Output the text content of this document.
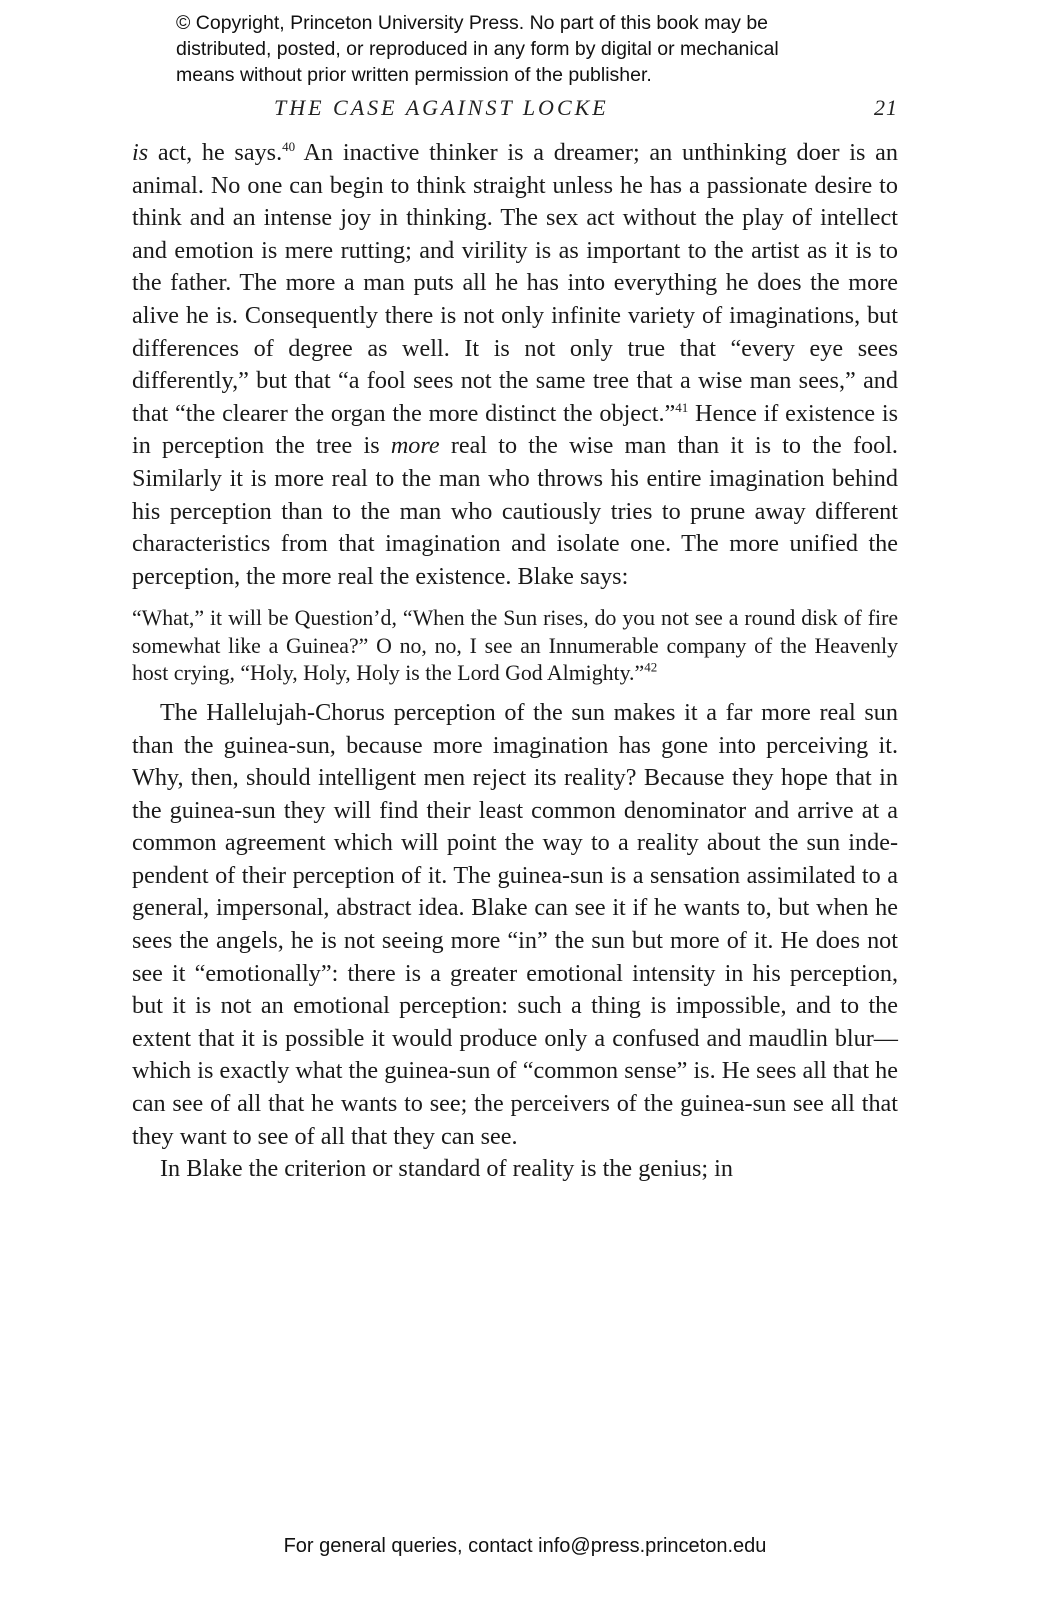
© Copyright, Princeton University Press. No part of this book may be
distributed, posted, or reproduced in any form by digital or mechanical
means without prior written permission of the publisher.
THE CASE AGAINST LOCKE	21

is act, he says.$^{40}$ An inactive thinker is a dreamer; an unthinking doer is an animal. No one can begin to think straight unless he has a passionate desire to think and an intense joy in thinking. The sex act without the play of intellect and emotion is mere rutting; and virility is as important to the artist as it is to the father. The more a man puts all he has into everything he does the more alive he is. Consequently there is not only infinite variety of imaginations, but differences of degree as well. It is not only true that “every eye sees differently,” but that “a fool sees not the same tree that a wise man sees,” and that “the clearer the organ the more distinct the object.”$^{41}$ Hence if existence is in perception the tree is more real to the wise man than it is to the fool. Similarly it is more real to the man who throws his entire imagination behind his perception than to the man who cautiously tries to prune away different characteristics from that imagination and isolate one. The more unified the perception, the more real the existence. Blake says:

“What,” it will be Question’d, “When the Sun rises, do you not see a round disk of fire somewhat like a Guinea?” O no, no, I see an Innumerable company of the Heavenly host crying, “Holy, Holy, Holy is the Lord God Almighty.”$^{42}$

The Hallelujah-Chorus perception of the sun makes it a far more real sun than the guinea-sun, because more imagination has gone into perceiving it. Why, then, should intelligent men reject its reality? Because they hope that in the guinea-sun they will find their least common denominator and arrive at a common agreement which will point the way to a reality about the sun independent of their perception of it. The guinea-sun is a sensation assimilated to a general, impersonal, abstract idea. Blake can see it if he wants to, but when he sees the angels, he is not seeing more “in” the sun but more of it. He does not see it “emotionally”: there is a greater emotional intensity in his perception, but it is not an emotional perception: such a thing is impossible, and to the extent that it is possible it would produce only a confused and maudlin blur—which is exactly what the guinea-sun of “common sense” is. He sees all that he can see of all that he wants to see; the perceivers of the guinea-sun see all that they want to see of all that they can see.

In Blake the criterion or standard of reality is the genius; in

For general queries, contact info@press.princeton.edu
